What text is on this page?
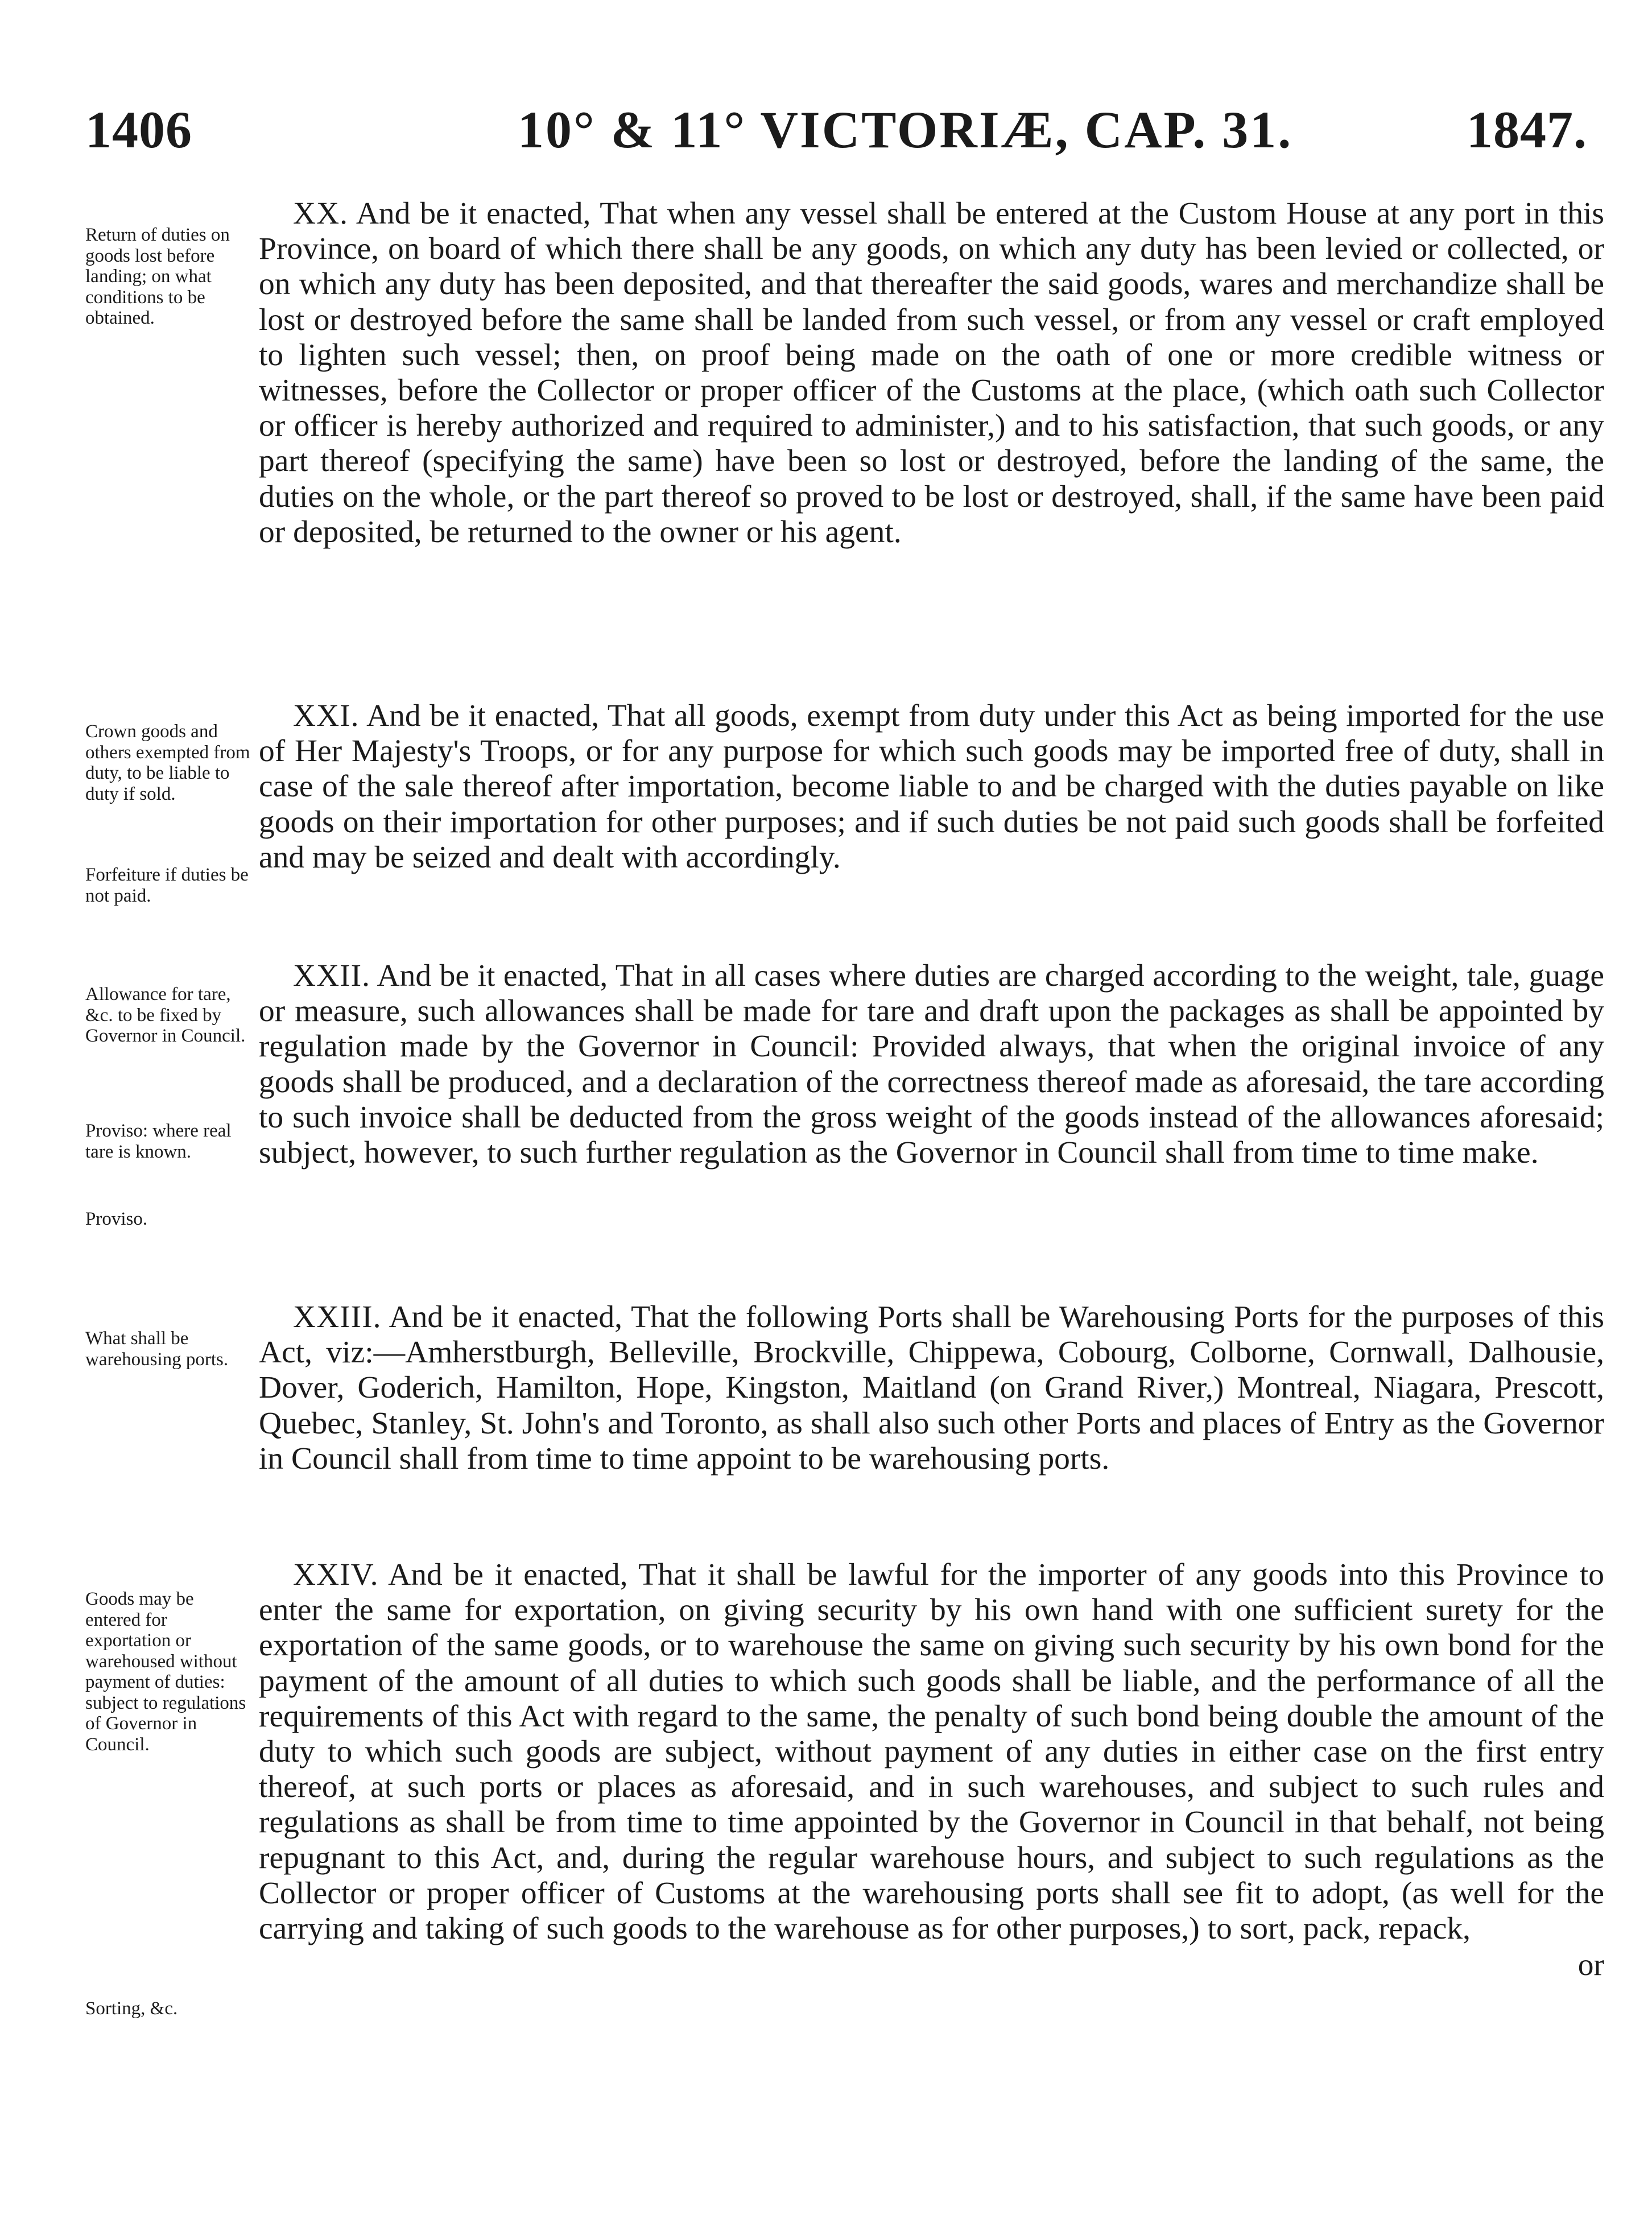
1406	10° & 11° VICTORIÆ, CAP. 31.	1847.
Return of duties on goods lost before landing; on what conditions to be obtained.

XX. And be it enacted, That when any vessel shall be entered at the Custom House at any port in this Province, on board of which there shall be any goods, on which any duty has been levied or collected, or on which any duty has been deposited, and that thereafter the said goods, wares and merchandize shall be lost or destroyed before the same shall be landed from such vessel, or from any vessel or craft employed to lighten such vessel; then, on proof being made on the oath of one or more credible witness or witnesses, before the Collector or proper officer of the Customs at the place, (which oath such Collector or officer is hereby authorized and required to administer,) and to his satisfaction, that such goods, or any part thereof (specifying the same) have been so lost or destroyed, before the landing of the same, the duties on the whole, or the part thereof so proved to be lost or destroyed, shall, if the same have been paid or deposited, be returned to the owner or his agent.

Crown goods and others exempted from duty, to be liable to duty if sold.
Forfeiture if duties be not paid.

XXI. And be it enacted, That all goods, exempt from duty under this Act as being imported for the use of Her Majesty's Troops, or for any purpose for which such goods may be imported free of duty, shall in case of the sale thereof after importation, become liable to and be charged with the duties payable on like goods on their importation for other purposes; and if such duties be not paid such goods shall be forfeited and may be seized and dealt with accordingly.

Allowance for tare, &c. to be fixed by Governor in Council.
Proviso: where real tare is known.
Proviso.

XXII. And be it enacted, That in all cases where duties are charged according to the weight, tale, guage or measure, such allowances shall be made for tare and draft upon the packages as shall be appointed by regulation made by the Governor in Council: Provided always, that when the original invoice of any goods shall be produced, and a declaration of the correctness thereof made as aforesaid, the tare according to such invoice shall be deducted from the gross weight of the goods instead of the allowances aforesaid; subject, however, to such further regulation as the Governor in Council shall from time to time make.

What shall be warehousing ports.

XXIII. And be it enacted, That the following Ports shall be Warehousing Ports for the purposes of this Act, viz:—Amherstburgh, Belleville, Brockville, Chippewa, Cobourg, Colborne, Cornwall, Dalhousie, Dover, Goderich, Hamilton, Hope, Kingston, Maitland (on Grand River,) Montreal, Niagara, Prescott, Quebec, Stanley, St. John's and Toronto, as shall also such other Ports and places of Entry as the Governor in Council shall from time to time appoint to be warehousing ports.

Goods may be entered for exportation or warehoused without payment of duties: subject to regulations of Governor in Council.
Sorting, &c.

XXIV. And be it enacted, That it shall be lawful for the importer of any goods into this Province to enter the same for exportation, on giving security by his own hand with one sufficient surety for the exportation of the same goods, or to warehouse the same on giving such security by his own bond for the payment of the amount of all duties to which such goods shall be liable, and the performance of all the requirements of this Act with regard to the same, the penalty of such bond being double the amount of the duty to which such goods are subject, without payment of any duties in either case on the first entry thereof, at such ports or places as aforesaid, and in such warehouses, and subject to such rules and regulations as shall be from time to time appointed by the Governor in Council in that behalf, not being repugnant to this Act, and, during the regular warehouse hours, and subject to such regulations as the Collector or proper officer of Customs at the warehousing ports shall see fit to adopt, (as well for the carrying and taking of such goods to the warehouse as for other purposes,) to sort, pack, repack,

or
